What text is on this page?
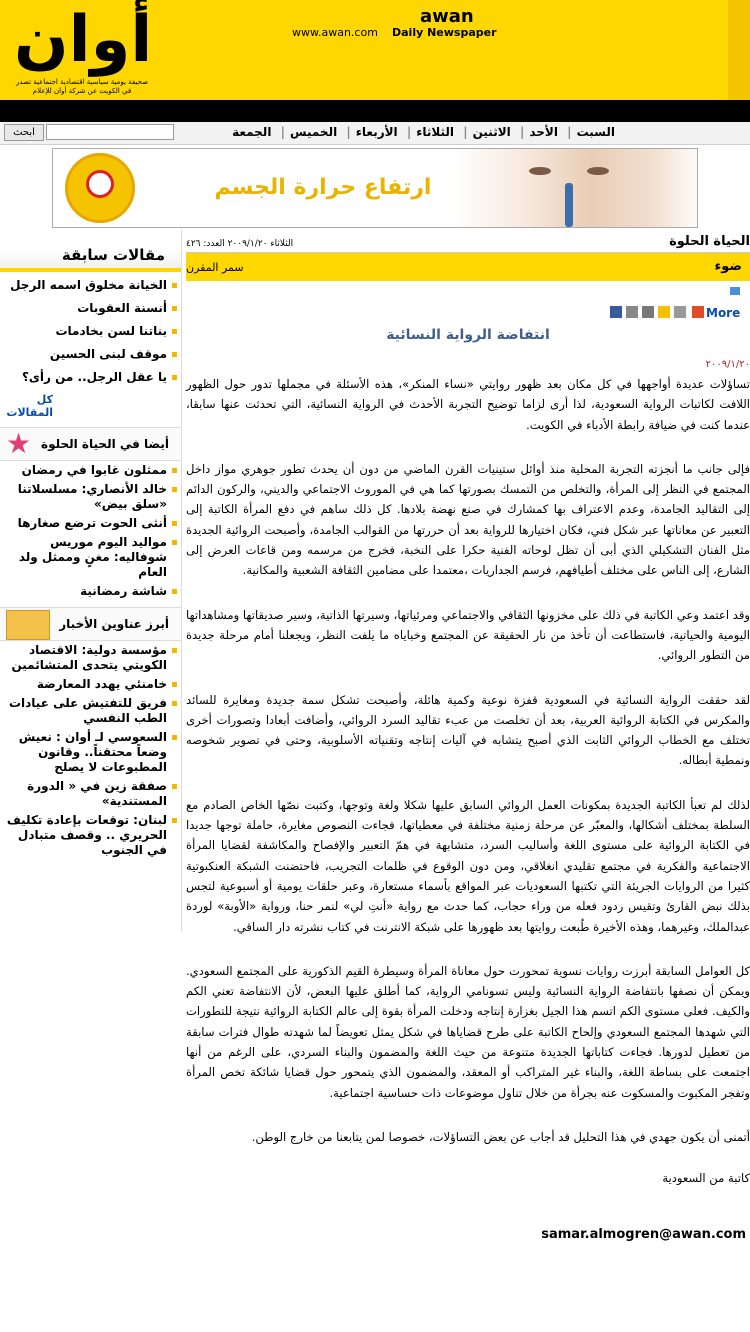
أوان
صحيفة يومية سياسية اقتصادية اجتماعية تصدر في الكويت عن شركة أوان للإعلام
www.awan.com
awan
Daily Newspaper
السبت| الأحد| الاثنين| الثلاثاء| الأربعاء| الخميس| الجمعة
ابحث
ارتفاع حرارة الجسم
مقالات سابقة
الخيانة مخلوق اسمه الرجل
أنسنة العقوبات
بناتنا لسن بخادمات
موقف لبنى الحسين
يا عقل الرجل.. من رأى؟
كل المقالات
★ أيضا في الحياة الحلوة
ممثلون غابوا في رمضان
خالد الأنصاري: مسلسلاتنا «سلق بيض»
أنثى الحوت ترضع صغارها
مواليد اليوم موريس شوفاليه: مغنٍ وممثل ولد العام
شاشة رمضانية
أبرز عناوين الأخبار
مؤسسة دولية: الاقتصاد الكويتي يتحدى المتشائمين
خامنئي يهدد المعارضة
فريق للتفتيش على عيادات الطب النفسي
السعوسي لـ أوان : نعيش وضعاً محتقناً.. وقانون المطبوعات لا يصلح
صفقة زين في « الدورة المستندية»
لبنان: توقعات بإعادة تكليف الحريري .. وقصف متبادل في الجنوب
الحياة الحلوة
الثلاثاء ٢٠٠٩/١/٢٠ العدد: ٤٢٦
ضوء
سمر المقرن
More
انتفاضة الرواية النسائية
٢٠٠٩/١/٢٠

تساؤلات عديدة أواجهها في كل مكان بعد ظهور روايتي «نساء المنكر»، هذه الأسئلة في مجملها تدور حول الظهور اللافت لكاتبات الرواية السعودية، لذا أرى لزاما توضيح التجربة الأحدث في الرواية النسائية، التي تحدثت عنها سابقا، عندما كنت في ضيافة رابطة الأدباء في الكويت.

فإلى جانب ما أنجزته التجربة المحلية منذ أوائل ستينيات القرن الماضي من دون أن يحدث تطور جوهري مواز داخل المجتمع في النظر إلى المرأة، والتخلص من التمسك بصورتها كما هي في الموروث الاجتماعي والديني، والركون الدائم إلى التقاليد الجامدة، وعدم الاعتراف بها كمشارك في صنع نهضة بلادها. كل ذلك ساهم في دفع المرأة الكاتبة إلى التعبير عن معاناتها عبر شكل فني، فكان اختيارها للرواية بعد أن حررتها من القوالب الجامدة، وأصبحت الروائية الجديدة مثل الفنان التشكيلي الذي أبى أن تظل لوحاته الفنية حكرا على النخبة، فخرج من مرسمه ومن قاعات العرض إلى الشارع، إلى الناس على مختلف أطيافهم، فرسم الجداريات ،معتمدا على مضامين الثقافة الشعبية والمكانية.

وقد اعتمد وعي الكاتبة في ذلك على مخزونها الثقافي والاجتماعي ومرئياتها، وسيرتها الذاتية، وسير صديقاتها ومشاهداتها اليومية والحياتية، فاستطاعت أن تأخذ من نار الحقيقة عن المجتمع وخباياه ما يلفت النظر، ويجعلنا أمام مرحلة جديدة من التطور الروائي.

لقد حققت الرواية النسائية في السعودية قفزة نوعية وكمية هائلة، وأصبحت تشكل سمة جديدة ومغايرة للسائد والمكرس في الكتابة الروائية العربية، بعد أن تخلصت من عبء تقاليد السرد الروائي، وأضافت أبعادا وتصورات أخرى تختلف مع الخطاب الروائي الثابت الذي أصبح يتشابه في آليات إنتاجه وتقنياته الأسلوبية، وحتى في تصوير شخوصه ونمطية أبطاله.

لذلك لم تعبأ الكاتبة الجديدة بمكونات العمل الروائي السابق عليها شكلا ولغة وتوجها، وكتبت نصّها الخاص الصادم مع السلطة بمختلف أشكالها، والمعبّر عن مرحلة زمنية مختلفة في معطياتها، فجاءت النصوص مغايرة، حاملة توجها جديدا في الكتابة الروائية على مستوى اللغة وأساليب السرد، متشابهة في همّ التعبير والإفصاح والمكاشفة لقضايا المرأة الاجتماعية والفكرية في مجتمع تقليدي انغلاقي، ومن دون الوقوع في ظلمات التجريب، فاحتضنت الشبكة العنكبوتية كثيرا من الروايات الجريئة التي تكتبها السعوديات عبر المواقع بأسماء مستعارة، وعبر حلقات يومية أو أسبوعية لتجس بذلك نبض القارئ وتقيس ردود فعله من وراء حجاب، كما حدث مع رواية «أنتِ لي» لنمر حنا، ورواية «الأوبة» لوردة عبدالملك، وغيرهما، وهذه الأخيرة طُبعت روايتها بعد ظهورها على شبكة الانترنت في كتاب نشرته دار الساقي.

كل العوامل السابقة أبرزت روايات نسوية تمحورت حول معاناة المرأة وسيطرة القيم الذكورية على المجتمع السعودي. ويمكن أن نصفها بانتفاضة الرواية النسائية وليس تسونامي الرواية، كما أطلق عليها البعض، لأن الانتفاضة تعني الكم والكيف. فعلى مستوى الكم اتسم هذا الجيل بغزارة إنتاجه ودخلت المرأة بقوة إلى عالم الكتابة الروائية نتيجة للتطورات التي شهدها المجتمع السعودي وإلحاح الكاتبة على طرح قضاياها في شكل يمثل تعويضاً لما شهدته طوال فترات سابقة من تعطيل لدورها. فجاءت كتاباتها الجديدة متنوعة من حيث اللغة والمضمون والبناء السردي، على الرغم من أنها اجتمعت على بساطة اللغة، والبناء غير المتراكب أو المعقد، والمضمون الذي يتمحور حول قضايا شائكة تخص المرأة وتفجر المكبوت والمسكوت عنه بجرأة من خلال تناول موضوعات ذات حساسية اجتماعية.

أتمنى أن يكون جهدي في هذا التحليل قد أجاب عن بعض التساؤلات، خصوصا لمن يتابعنا من خارج الوطن.

كاتبة من السعودية
samar.almogren@awan.com
